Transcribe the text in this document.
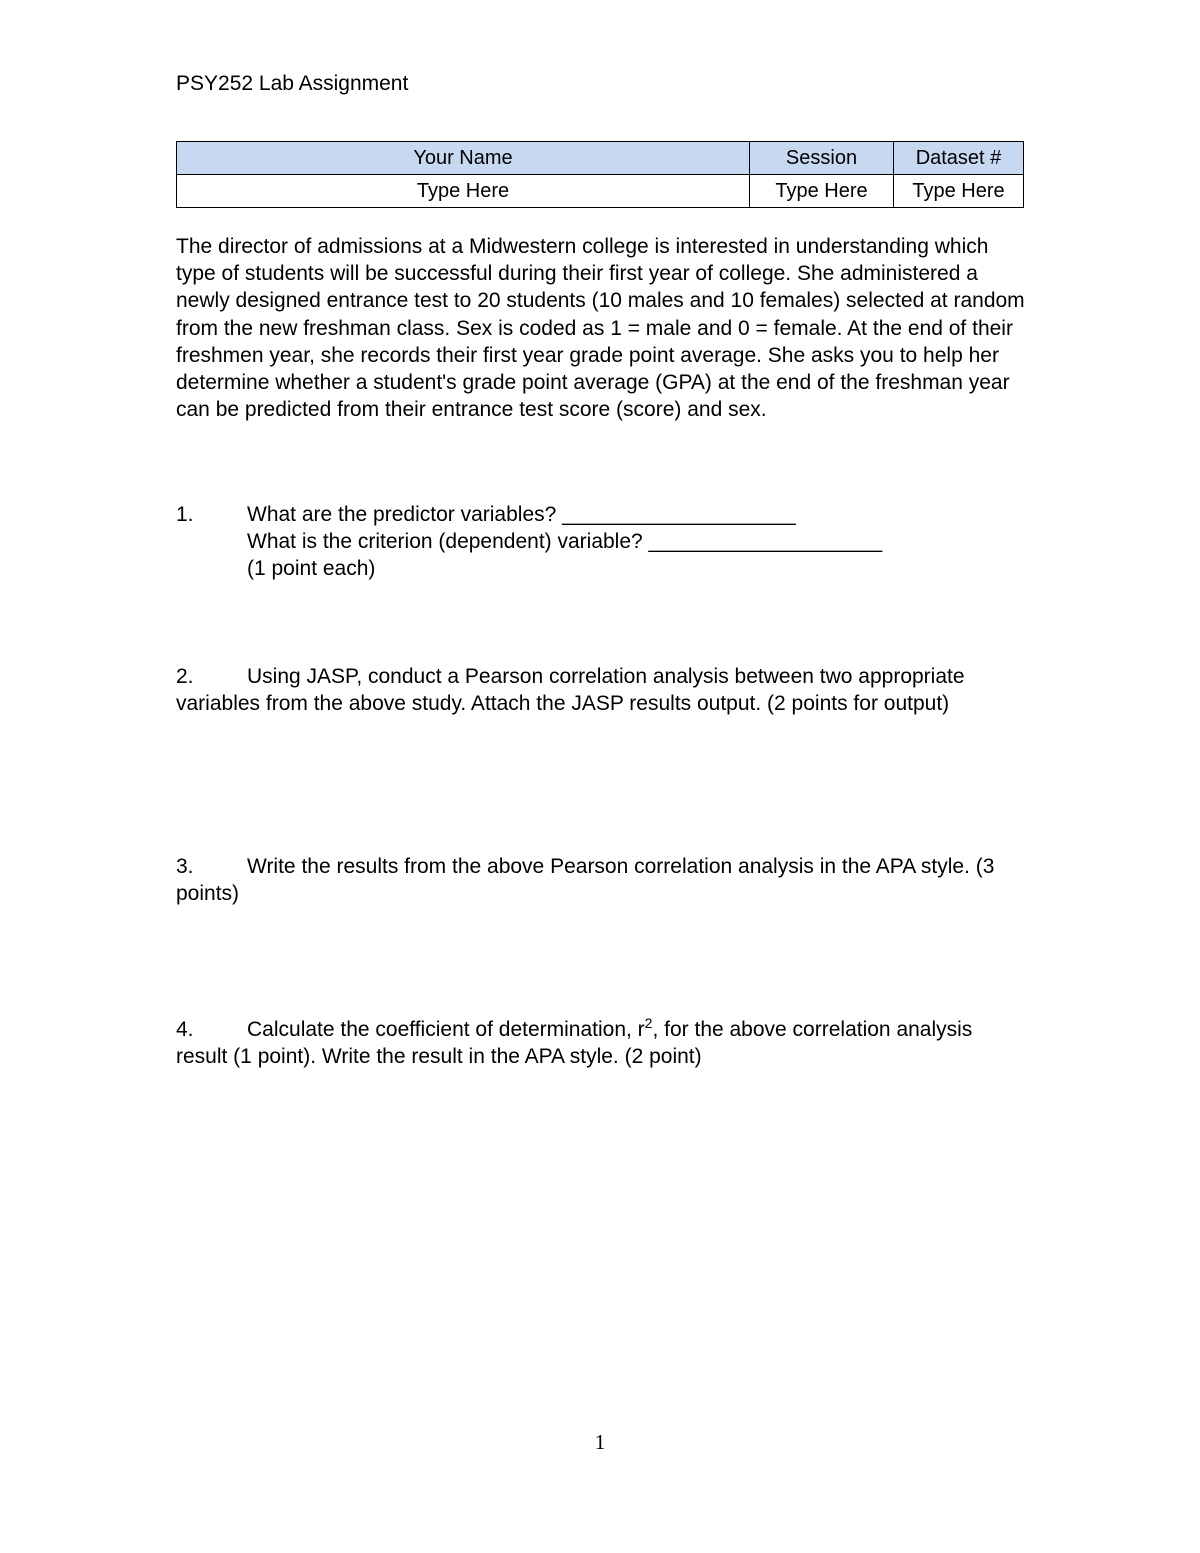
PSY252 Lab Assignment
Your Name	Session	Dataset #
Type Here	Type Here	Type Here

The director of admissions at a Midwestern college is interested in understanding which type of students will be successful during their first year of college. She administered a newly designed entrance test to 20 students (10 males and 10 females) selected at random from the new freshman class. Sex is coded as 1 = male and 0 = female. At the end of their freshmen year, she records their first year grade point average. She asks you to help her determine whether a student's grade point average (GPA) at the end of the freshman year can be predicted from their entrance test score (score) and sex.

1.	What are the predictor variables? ____________________
What is the criterion (dependent) variable? ____________________
(1 point each)
2.	Using JASP, conduct a Pearson correlation analysis between two appropriate variables from the above study. Attach the JASP results output. (2 points for output)
3.	Write the results from the above Pearson correlation analysis in the APA style. (3 points)
4.	Calculate the coefficient of determination, $r^2$, for the above correlation analysis result (1 point). Write the result in the APA style. (2 point)
1
